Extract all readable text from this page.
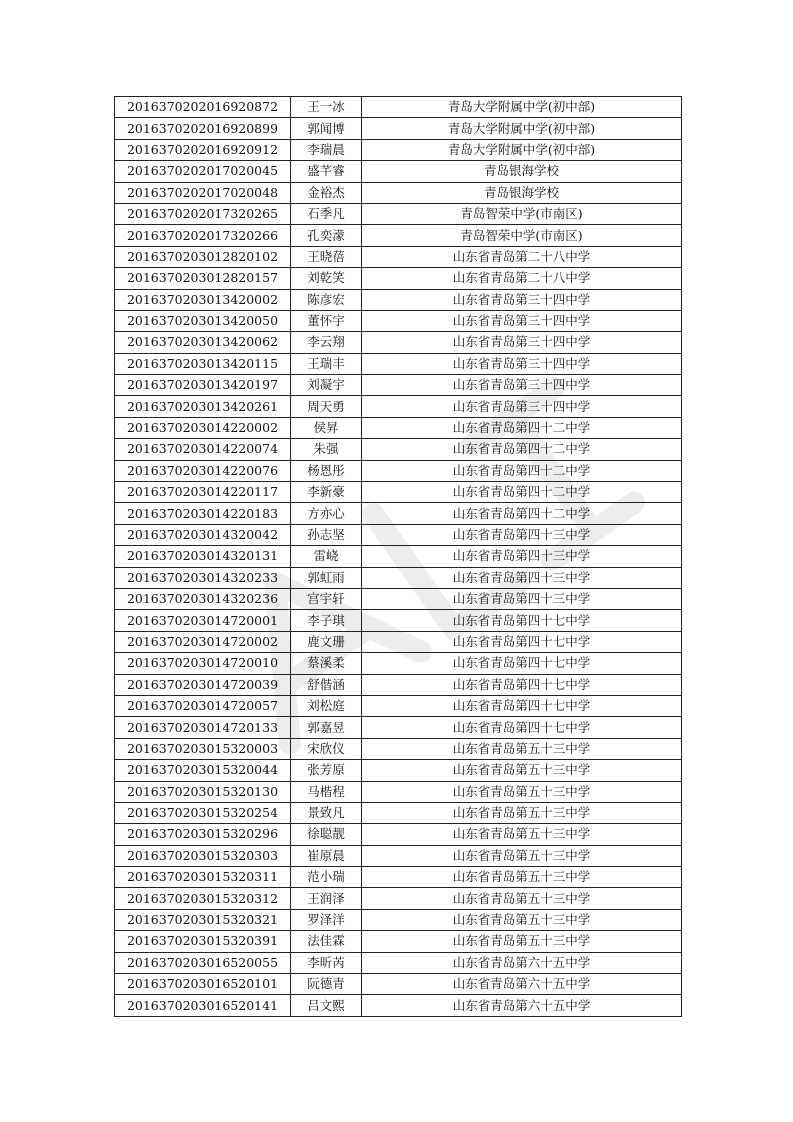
2016370202016920872	王一冰	青岛大学附属中学(初中部)
2016370202016920899	郭闻博	青岛大学附属中学(初中部)
2016370202016920912	李瑞晨	青岛大学附属中学(初中部)
2016370202017020045	盛芊睿	青岛银海学校
2016370202017020048	金裕杰	青岛银海学校
2016370202017320265	石季凡	青岛智荣中学(市南区)
2016370202017320266	孔奕濛	青岛智荣中学(市南区)
2016370203012820102	王晓蓓	山东省青岛第二十八中学
2016370203012820157	刘乾笑	山东省青岛第二十八中学
2016370203013420002	陈彦宏	山东省青岛第三十四中学
2016370203013420050	董怀宇	山东省青岛第三十四中学
2016370203013420062	李云翔	山东省青岛第三十四中学
2016370203013420115	王瑞丰	山东省青岛第三十四中学
2016370203013420197	刘凝宇	山东省青岛第三十四中学
2016370203013420261	周天勇	山东省青岛第三十四中学
2016370203014220002	侯昇	山东省青岛第四十二中学
2016370203014220074	朱强	山东省青岛第四十二中学
2016370203014220076	杨恩彤	山东省青岛第四十二中学
2016370203014220117	李新豪	山东省青岛第四十二中学
2016370203014220183	方亦心	山东省青岛第四十二中学
2016370203014320042	孙志坚	山东省青岛第四十三中学
2016370203014320131	雷峣	山东省青岛第四十三中学
2016370203014320233	郭虹雨	山东省青岛第四十三中学
2016370203014320236	宫宇轩	山东省青岛第四十三中学
2016370203014720001	李子琪	山东省青岛第四十七中学
2016370203014720002	鹿文珊	山东省青岛第四十七中学
2016370203014720010	蔡溪柔	山东省青岛第四十七中学
2016370203014720039	舒偕涵	山东省青岛第四十七中学
2016370203014720057	刘松庭	山东省青岛第四十七中学
2016370203014720133	郭嘉昱	山东省青岛第四十七中学
2016370203015320003	宋欣仪	山东省青岛第五十三中学
2016370203015320044	张芳原	山东省青岛第五十三中学
2016370203015320130	马楷程	山东省青岛第五十三中学
2016370203015320254	景致凡	山东省青岛第五十三中学
2016370203015320296	徐聪靓	山东省青岛第五十三中学
2016370203015320303	崔原晨	山东省青岛第五十三中学
2016370203015320311	范小瑞	山东省青岛第五十三中学
2016370203015320312	王润泽	山东省青岛第五十三中学
2016370203015320321	罗泽洋	山东省青岛第五十三中学
2016370203015320391	法佳霖	山东省青岛第五十三中学
2016370203016520055	李昕芮	山东省青岛第六十五中学
2016370203016520101	阮德青	山东省青岛第六十五中学
2016370203016520141	吕文熙	山东省青岛第六十五中学
